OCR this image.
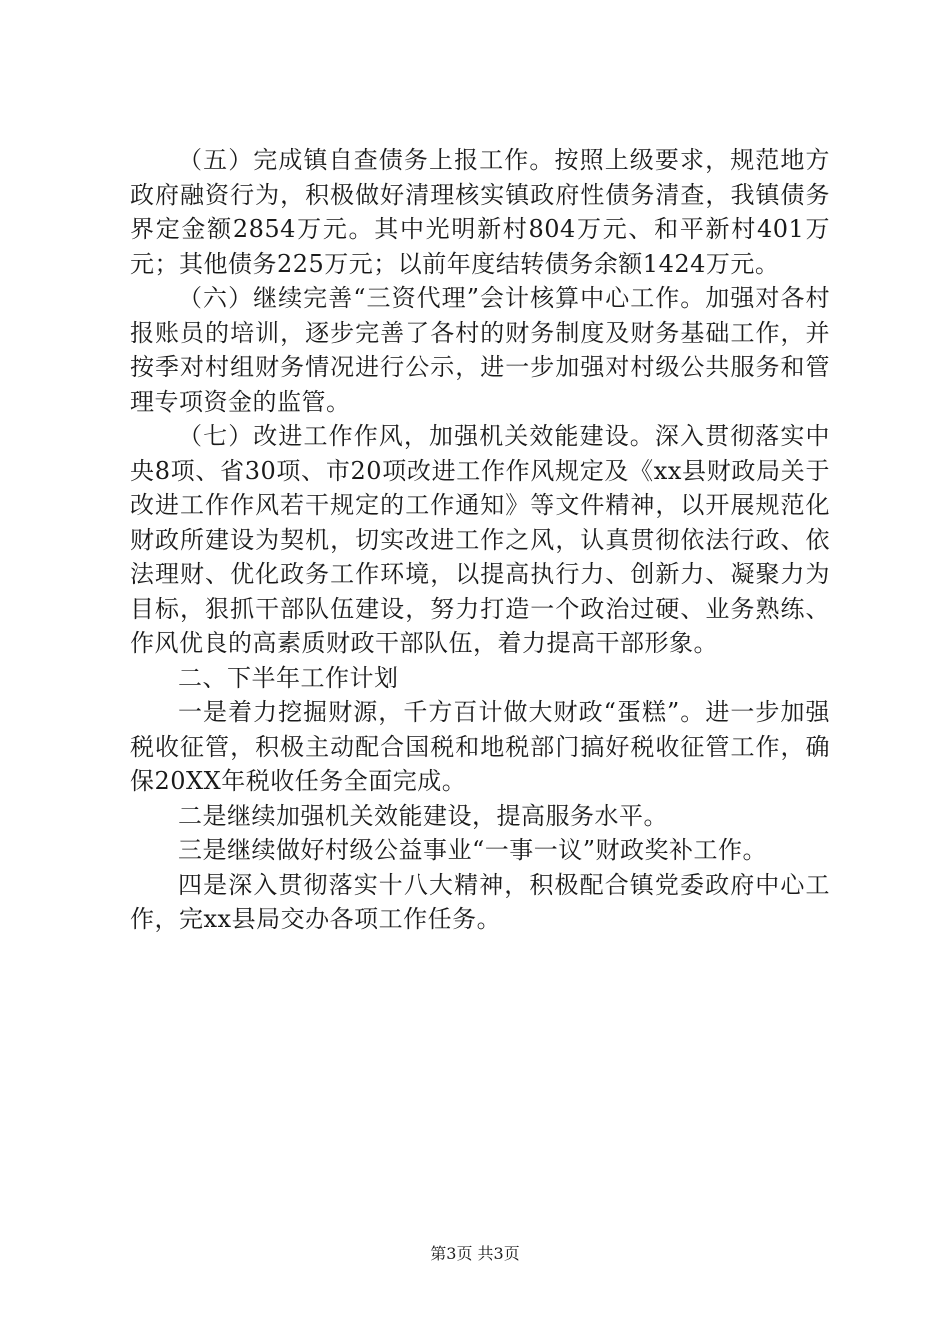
（五）完成镇自查债务上报工作。按照上级要求，规范地方政府融资行为，积极做好清理核实镇政府性债务清查，我镇债务界定金额2854万元。其中光明新村804万元、和平新村401万元；其他债务225万元；以前年度结转债务余额1424万元。

（六）继续完善“三资代理”会计核算中心工作。加强对各村报账员的培训，逐步完善了各村的财务制度及财务基础工作，并按季对村组财务情况进行公示，进一步加强对村级公共服务和管理专项资金的监管。

（七）改进工作作风，加强机关效能建设。深入贯彻落实中央8项、省30项、市20项改进工作作风规定及《xx县财政局关于改进工作作风若干规定的工作通知》等文件精神，以开展规范化财政所建设为契机，切实改进工作之风，认真贯彻依法行政、依法理财、优化政务工作环境，以提高执行力、创新力、凝聚力为目标，狠抓干部队伍建设，努力打造一个政治过硬、业务熟练、作风优良的高素质财政干部队伍，着力提高干部形象。

二、下半年工作计划

一是着力挖掘财源，千方百计做大财政“蛋糕”。进一步加强税收征管，积极主动配合国税和地税部门搞好税收征管工作，确保20XX年税收任务全面完成。

二是继续加强机关效能建设，提高服务水平。

三是继续做好村级公益事业“一事一议”财政奖补工作。

四是深入贯彻落实十八大精神，积极配合镇党委政府中心工作，完xx县局交办各项工作任务。

第3页 共3页
